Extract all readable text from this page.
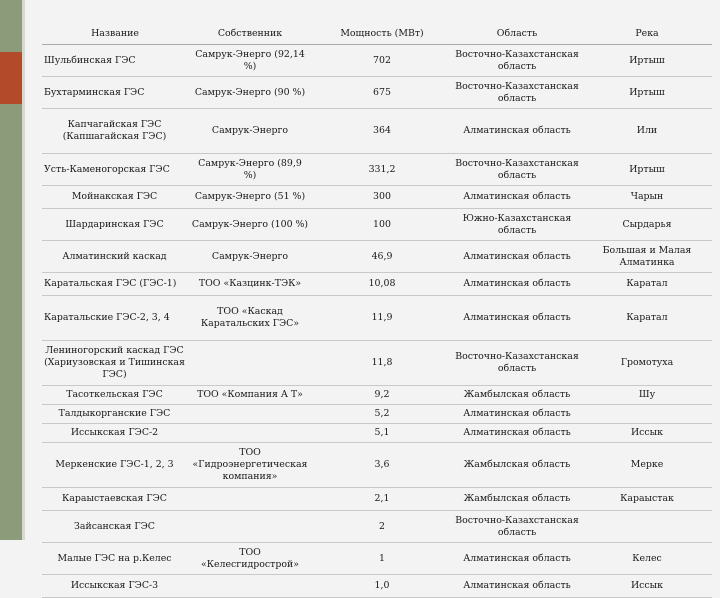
Название	Собственник	Мощность (МВт)	Область	Река
Шульбинская ГЭС	Самрук-Энерго (92,14 %)	702	Восточно-Казахстанская область	Иртыш
Бухтарминская ГЭС	Самрук-Энерго (90 %)	675	Восточно-Казахстанская область	Иртыш
Капчагайская ГЭС (Капшагайская ГЭС)	Самрук-Энерго	364	Алматинская область	Или
Усть-Каменогорская ГЭС	Самрук-Энерго (89,9 %)	331,2	Восточно-Казахстанская область	Иртыш
Мойнакская ГЭС	Самрук-Энерго (51 %)	300	Алматинская область	Чарын
Шардаринская ГЭС	Самрук-Энерго (100 %)	100	Южно-Казахстанская область	Сырдарья
Алматинский каскад	Самрук-Энерго	46,9	Алматинская область	Большая и Малая Алматинка
Каратальская ГЭС (ГЭС-1)	ТОО «Казцинк-ТЭК»	10,08	Алматинская область	Каратал
Каратальские ГЭС-2, 3, 4	ТОО «Каскад Каратальских ГЭС»	11,9	Алматинская область	Каратал
Лениногорский каскад ГЭС (Хариузовская и Тишинская ГЭС)		11,8	Восточно-Казахстанская область	Громотуха
Тасоткельская ГЭС	ТОО «Компания А Т»	9,2	Жамбылская область	Шу
Талдыкорганские ГЭС		5,2	Алматинская область	
Иссыкская ГЭС-2		5,1	Алматинская область	Иссык
Меркенские ГЭС-1, 2, 3	ТОО «Гидроэнергетическая компания»	3,6	Жамбылская область	Мерке
Караыстаевская ГЭС		2,1	Жамбылская область	Караыстак
Зайсанская ГЭС		2	Восточно-Казахстанская область	
Малые ГЭС на р.Келес	ТОО «Келесгидрострой»	1	Алматинская область	Келес
Иссыкская ГЭС-3		1,0	Алматинская область	Иссык
